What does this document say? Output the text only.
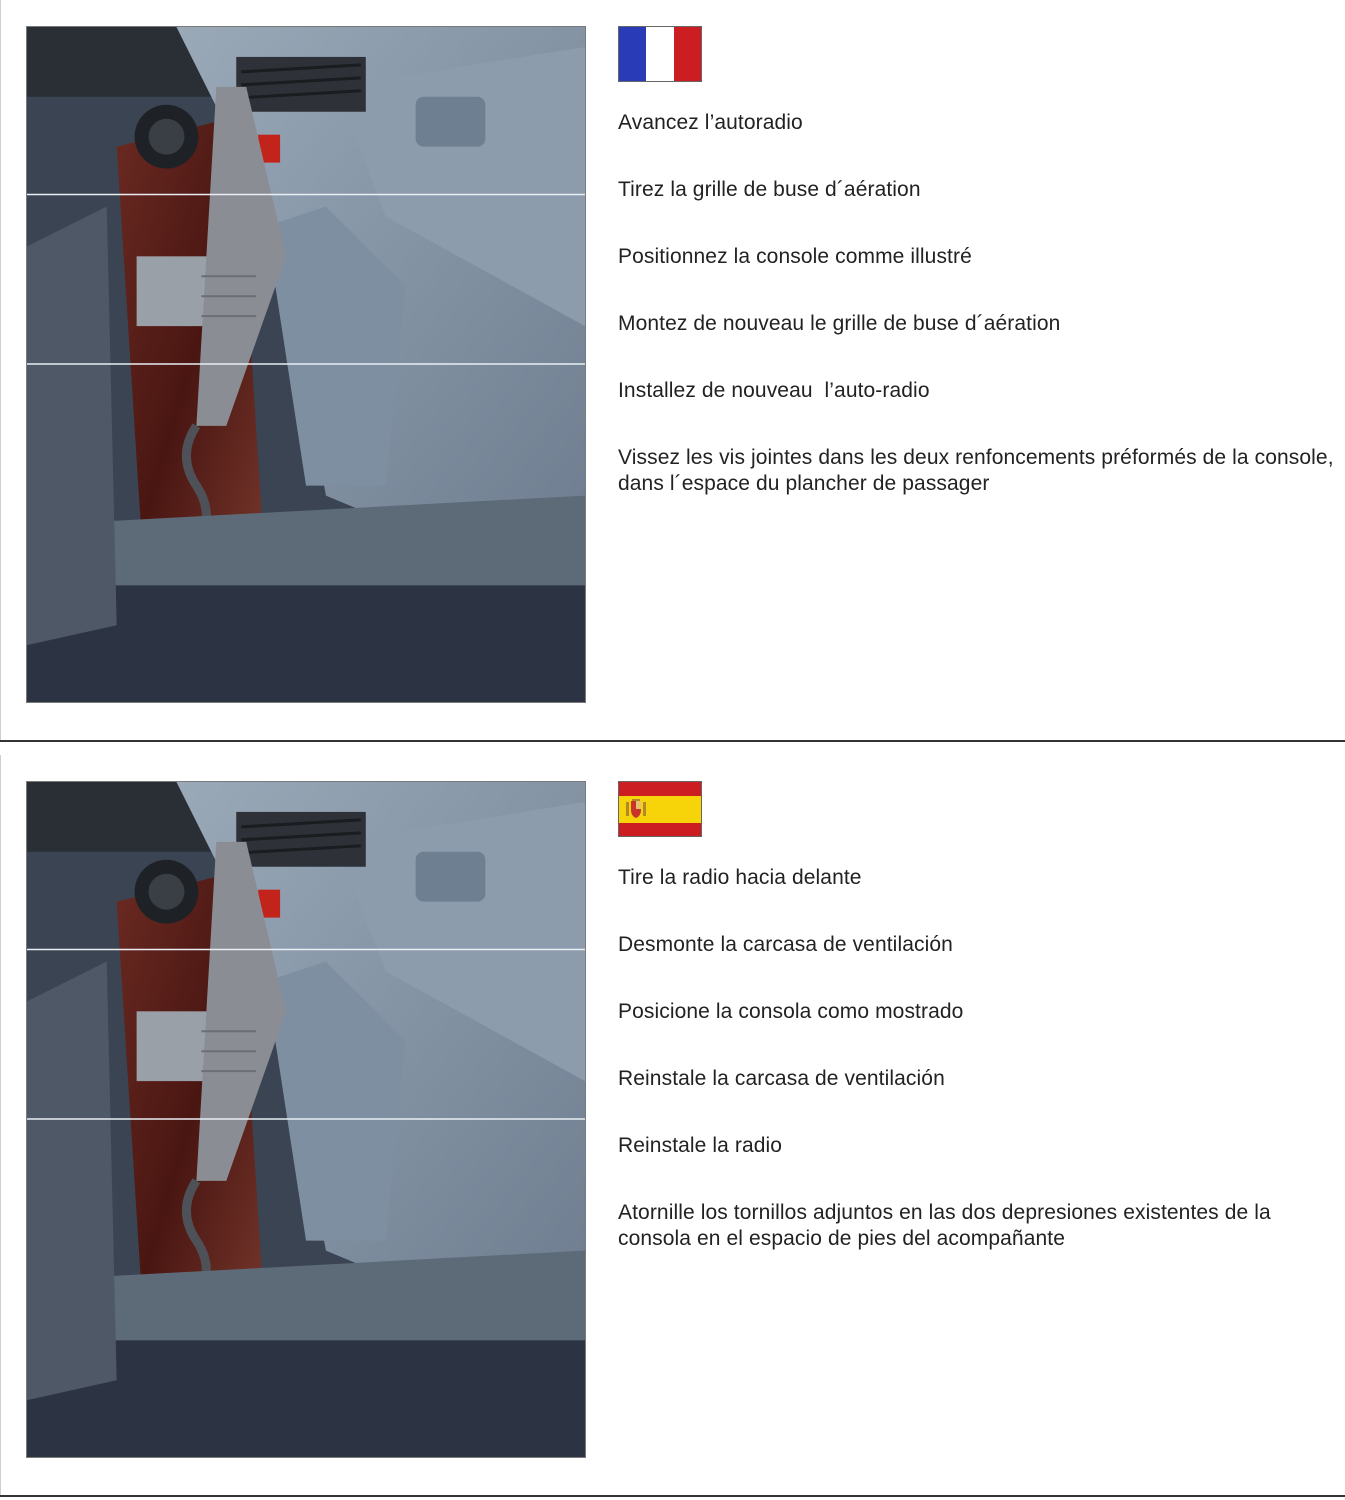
Avancez l’autoradio
Tirez la grille de buse d´aération
Positionnez la console comme illustré
Montez de nouveau le grille de buse d´aération
Installez de nouveau  l’auto-radio
Vissez les vis jointes dans les deux renfoncements préformés de la console, dans l´espace du plancher de passager
Tire la radio hacia delante
Desmonte la carcasa de ventilación
Posicione la consola como mostrado
Reinstale la carcasa de ventilación
Reinstale la radio
Atornille los tornillos adjuntos en las dos depresiones existentes de la consola en el espacio de pies del acompañante
